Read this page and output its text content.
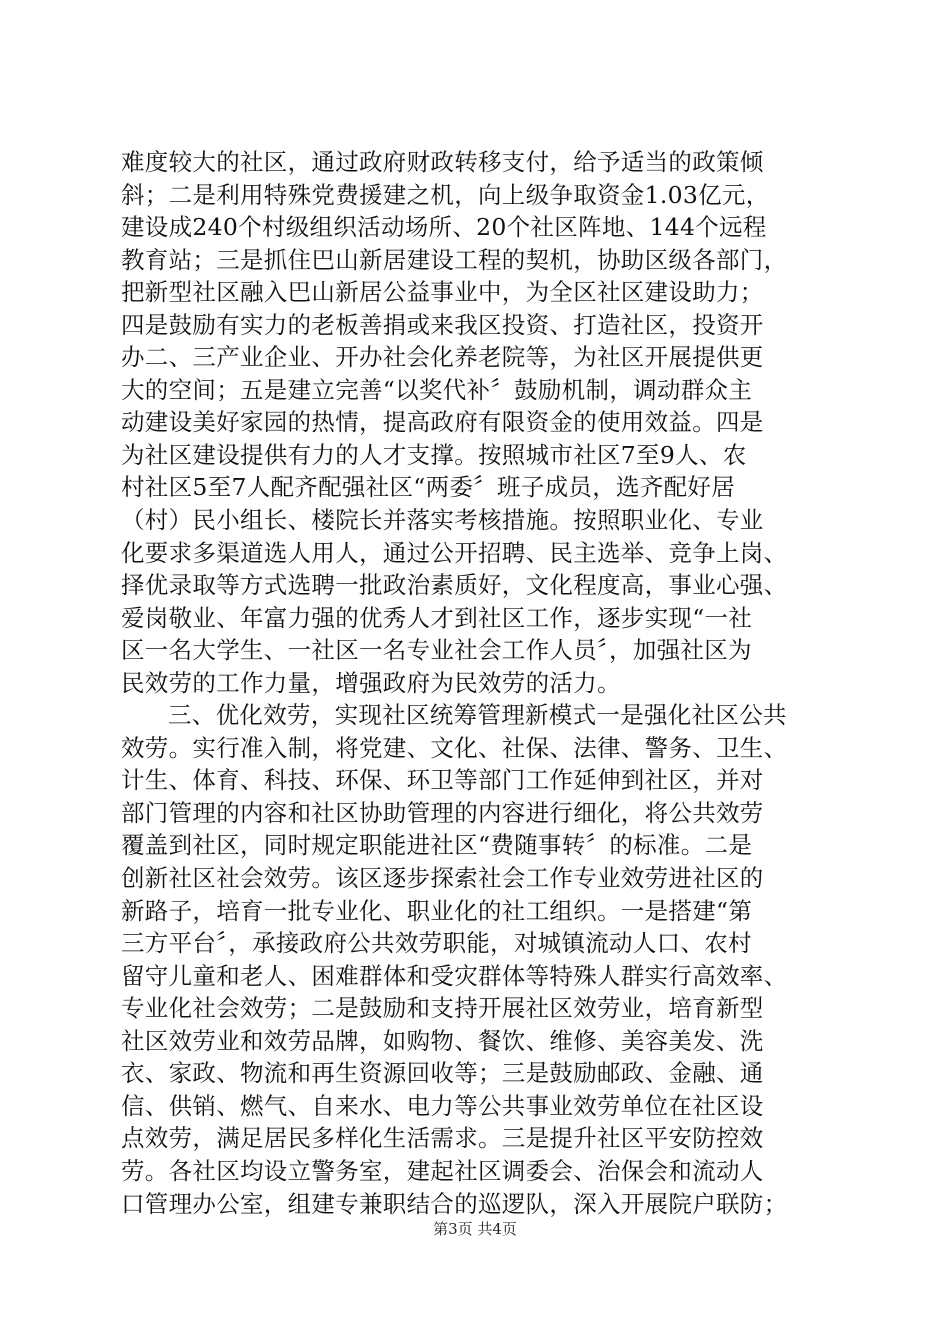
难度较大的社区，通过政府财政转移支付，给予适当的政策倾
斜；二是利用特殊党费援建之机，向上级争取资金1.03亿元，
建设成240个村级组织活动场所、20个社区阵地、144个远程
教育站；三是抓住巴山新居建设工程的契机，协助区级各部门，
把新型社区融入巴山新居公益事业中，为全区社区建设助力；
四是鼓励有实力的老板善捐或来我区投资、打造社区，投资开
办二、三产业企业、开办社会化养老院等，为社区开展提供更
大的空间；五是建立完善“以奖代补〞鼓励机制，调动群众主
动建设美好家园的热情，提高政府有限资金的使用效益。四是
为社区建设提供有力的人才支撑。按照城市社区7至9人、农
村社区5至7人配齐配强社区“两委〞班子成员，选齐配好居
（村）民小组长、楼院长并落实考核措施。按照职业化、专业
化要求多渠道选人用人，通过公开招聘、民主选举、竞争上岗、
择优录取等方式选聘一批政治素质好，文化程度高，事业心强、
爱岗敬业、年富力强的优秀人才到社区工作，逐步实现“一社
区一名大学生、一社区一名专业社会工作人员〞，加强社区为
民效劳的工作力量，增强政府为民效劳的活力。
三、优化效劳，实现社区统筹管理新模式一是强化社区公共
效劳。实行准入制，将党建、文化、社保、法律、警务、卫生、
计生、体育、科技、环保、环卫等部门工作延伸到社区，并对
部门管理的内容和社区协助管理的内容进行细化，将公共效劳
覆盖到社区，同时规定职能进社区“费随事转〞的标准。二是
创新社区社会效劳。该区逐步探索社会工作专业效劳进社区的
新路子，培育一批专业化、职业化的社工组织。一是搭建“第
三方平台〞，承接政府公共效劳职能，对城镇流动人口、农村
留守儿童和老人、困难群体和受灾群体等特殊人群实行高效率、
专业化社会效劳；二是鼓励和支持开展社区效劳业，培育新型
社区效劳业和效劳品牌，如购物、餐饮、维修、美容美发、洗
衣、家政、物流和再生资源回收等；三是鼓励邮政、金融、通
信、供销、燃气、自来水、电力等公共事业效劳单位在社区设
点效劳，满足居民多样化生活需求。三是提升社区平安防控效
劳。各社区均设立警务室，建起社区调委会、治保会和流动人
口管理办公室，组建专兼职结合的巡逻队，深入开展院户联防；
第3页 共4页
